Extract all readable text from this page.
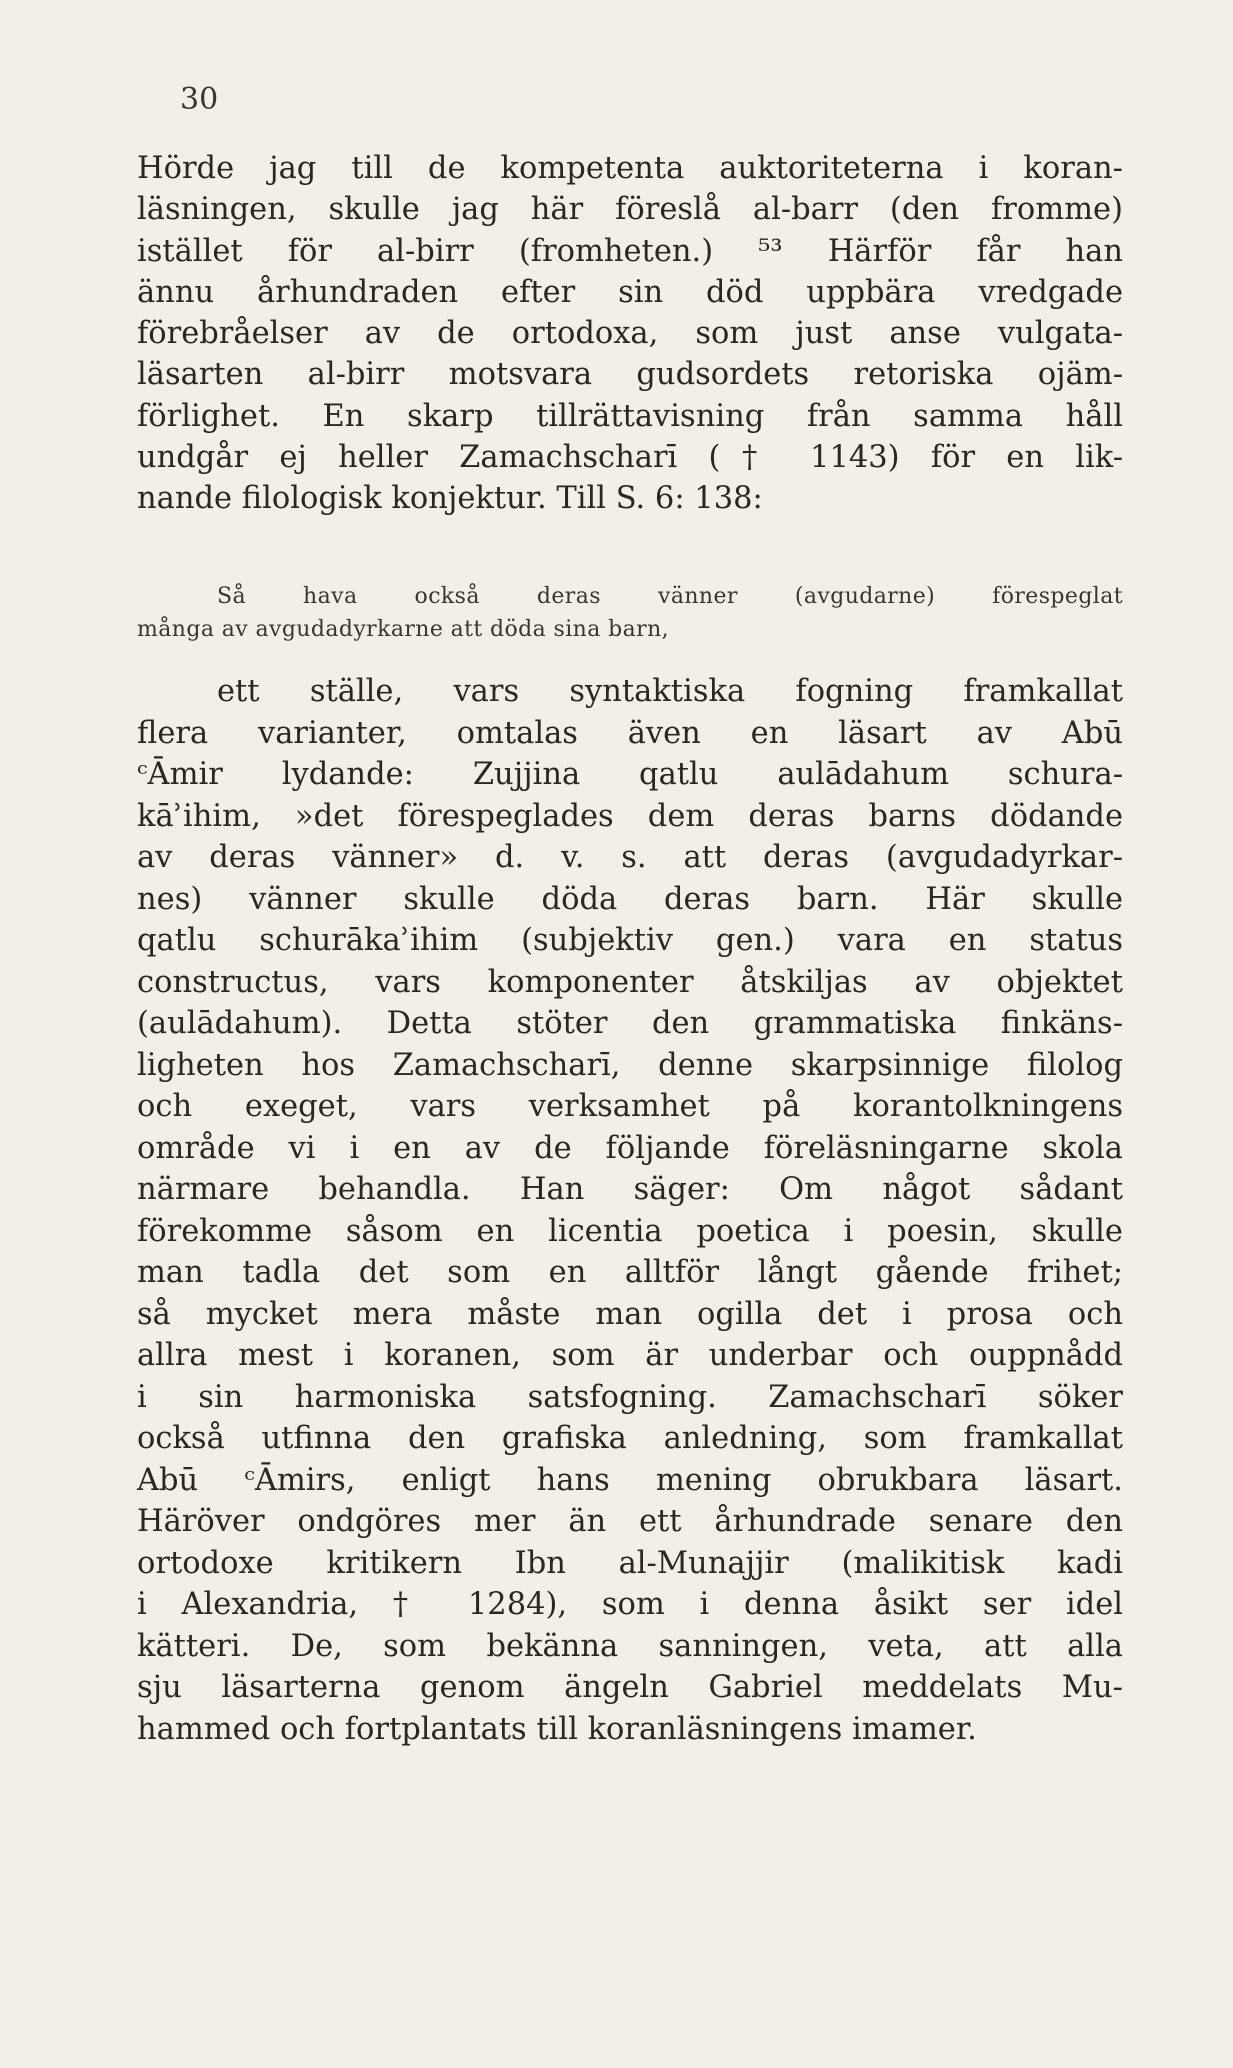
30
Hörde jag till de kompetenta auktoriteterna i koran-
läsningen, skulle jag här föreslå al-barr (den fromme)
istället för al-birr (fromheten.) ⁵³ Härför får han
ännu århundraden efter sin död uppbära vredgade
förebråelser av de ortodoxa, som just anse vulgata-
läsarten al-birr motsvara gudsordets retoriska ojäm-
förlighet. En skarp tillrättavisning från samma håll
undgår ej heller Zamachscharī († 1143) för en lik-
nande filologisk konjektur. Till S. 6: 138:
Så hava också deras vänner (avgudarne) förespeglat
många av avgudadyrkarne att döda sina barn,
ett ställe, vars syntaktiska fogning framkallat
flera varianter, omtalas även en läsart av Abū
ᶜĀmir lydande: Zujjina qatlu aulādahum schura-
kāʾihim, »det förespeglades dem deras barns dödande
av deras vänner» d. v. s. att deras (avgudadyrkar-
nes) vänner skulle döda deras barn. Här skulle
qatlu schurākaʾihim (subjektiv gen.) vara en status
constructus, vars komponenter åtskiljas av objektet
(aulādahum). Detta stöter den grammatiska finkäns-
ligheten hos Zamachscharī, denne skarpsinnige filolog
och exeget, vars verksamhet på korantolkningens
område vi i en av de följande föreläsningarne skola
närmare behandla. Han säger: Om något sådant
förekomme såsom en licentia poetica i poesin, skulle
man tadla det som en alltför långt gående frihet;
så mycket mera måste man ogilla det i prosa och
allra mest i koranen, som är underbar och ouppnådd
i sin harmoniska satsfogning. Zamachscharī söker
också utfinna den grafiska anledning, som framkallat
Abū ᶜĀmirs, enligt hans mening obrukbara läsart.
Häröver ondgöres mer än ett århundrade senare den
ortodoxe kritikern Ibn al-Munajjir (malikitisk kadi
i Alexandria, † 1284), som i denna åsikt ser idel
kätteri. De, som bekänna sanningen, veta, att alla
sju läsarterna genom ängeln Gabriel meddelats Mu-
hammed och fortplantats till koranläsningens imamer.
